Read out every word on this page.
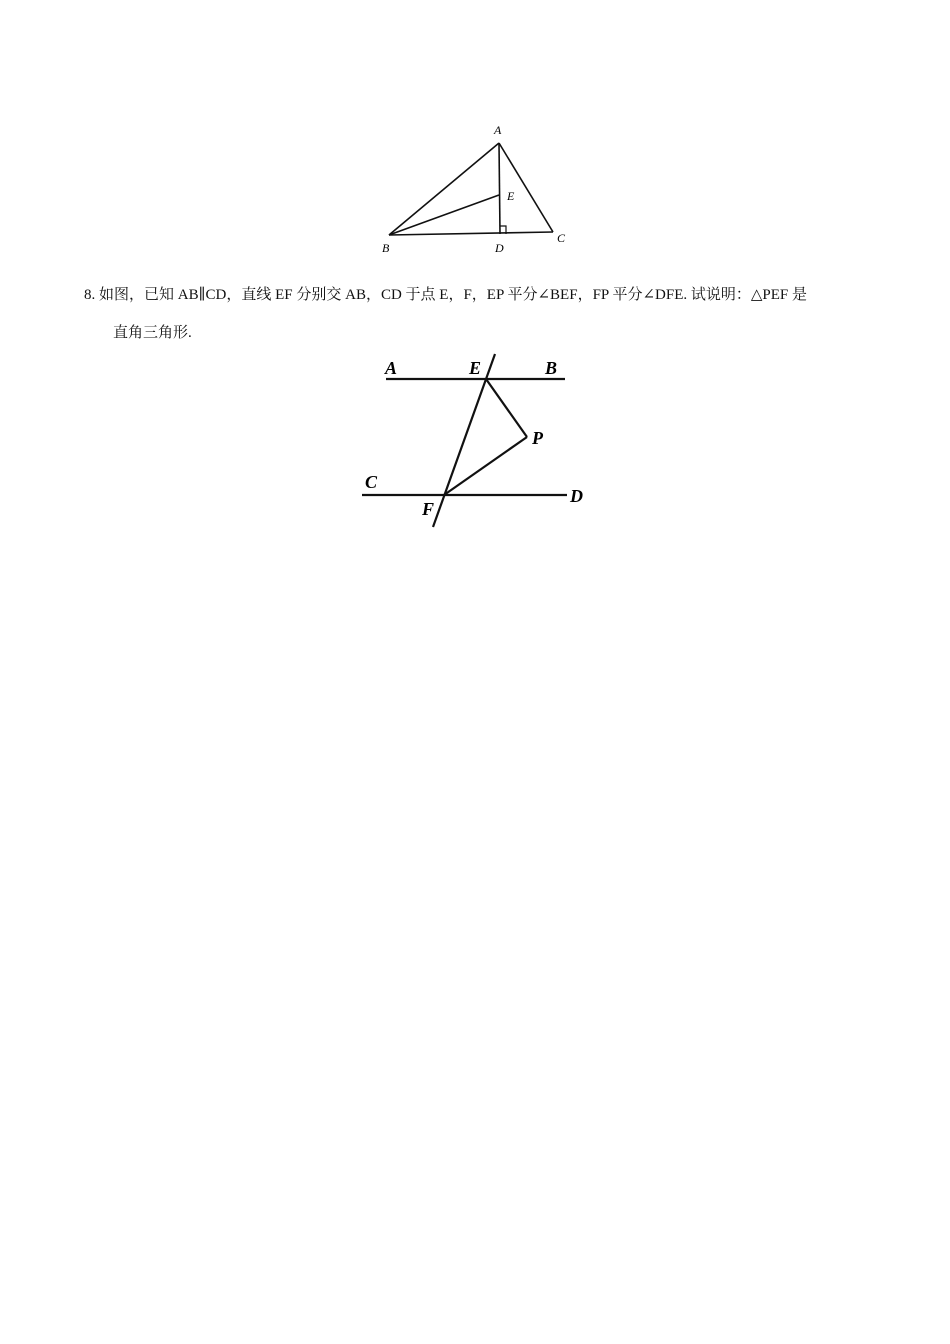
A
B
C
D
E
8. 如图，已知 AB∥CD，直线 EF 分别交 AB，CD 于点 E，F，EP 平分∠BEF，FP 平分∠DFE. 试说明：△PEF 是
直角三角形.
A	E	B
P
C
D
F
